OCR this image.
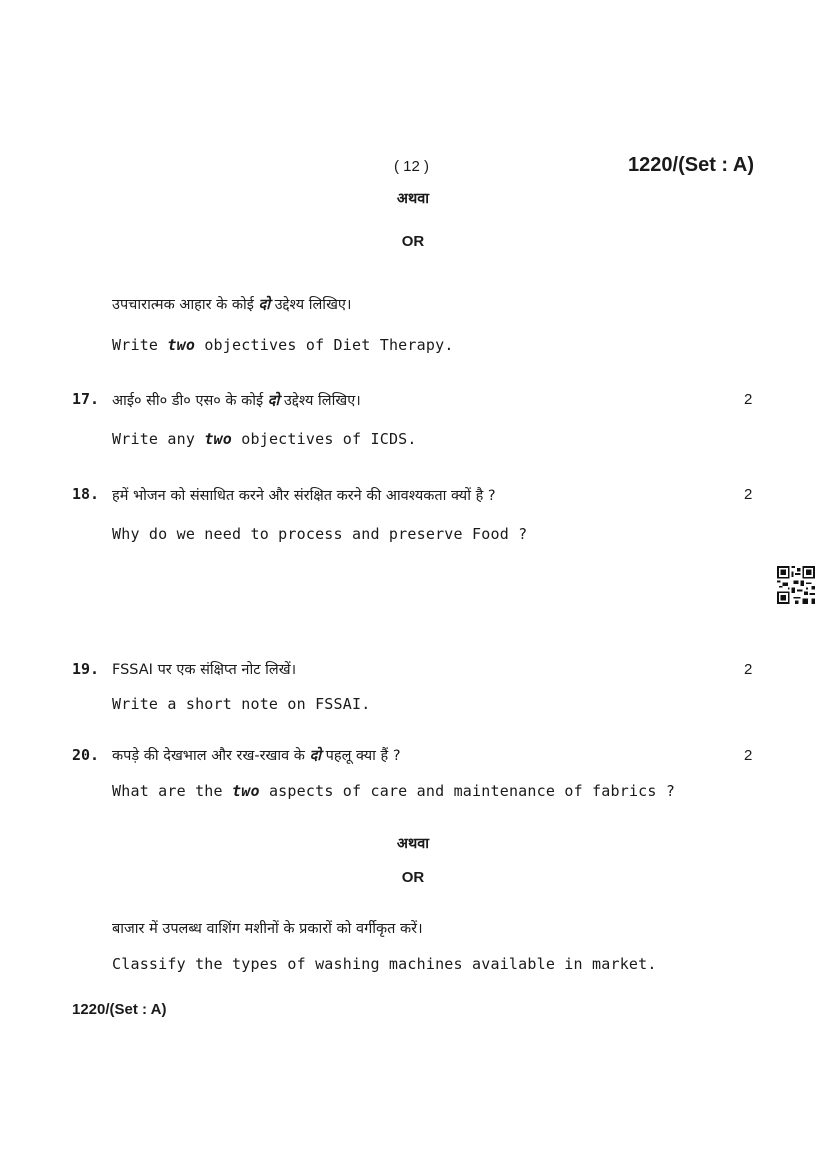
( 12 )	1220/(Set : A)
अथवा
OR
उपचारात्मक आहार के कोई दो उद्देश्य लिखिए।
Write two objectives of Diet Therapy.
17. आई० सी० डी० एस० के कोई दो उद्देश्य लिखिए।	2
Write any two objectives of ICDS.
18. हमें भोजन को संसाधित करने और संरक्षित करने की आवश्यकता क्यों है ?	2
Why do we need to process and preserve Food ?
19. FSSAI पर एक संक्षिप्त नोट लिखें।	2
Write a short note on FSSAI.
20. कपड़े की देखभाल और रख-रखाव के दो पहलू क्या हैं ?	2
What are the two aspects of care and maintenance of fabrics ?
अथवा
OR
बाजार में उपलब्ध वाशिंग मशीनों के प्रकारों को वर्गीकृत करें।
Classify the types of washing machines available in market.
1220/(Set : A)
